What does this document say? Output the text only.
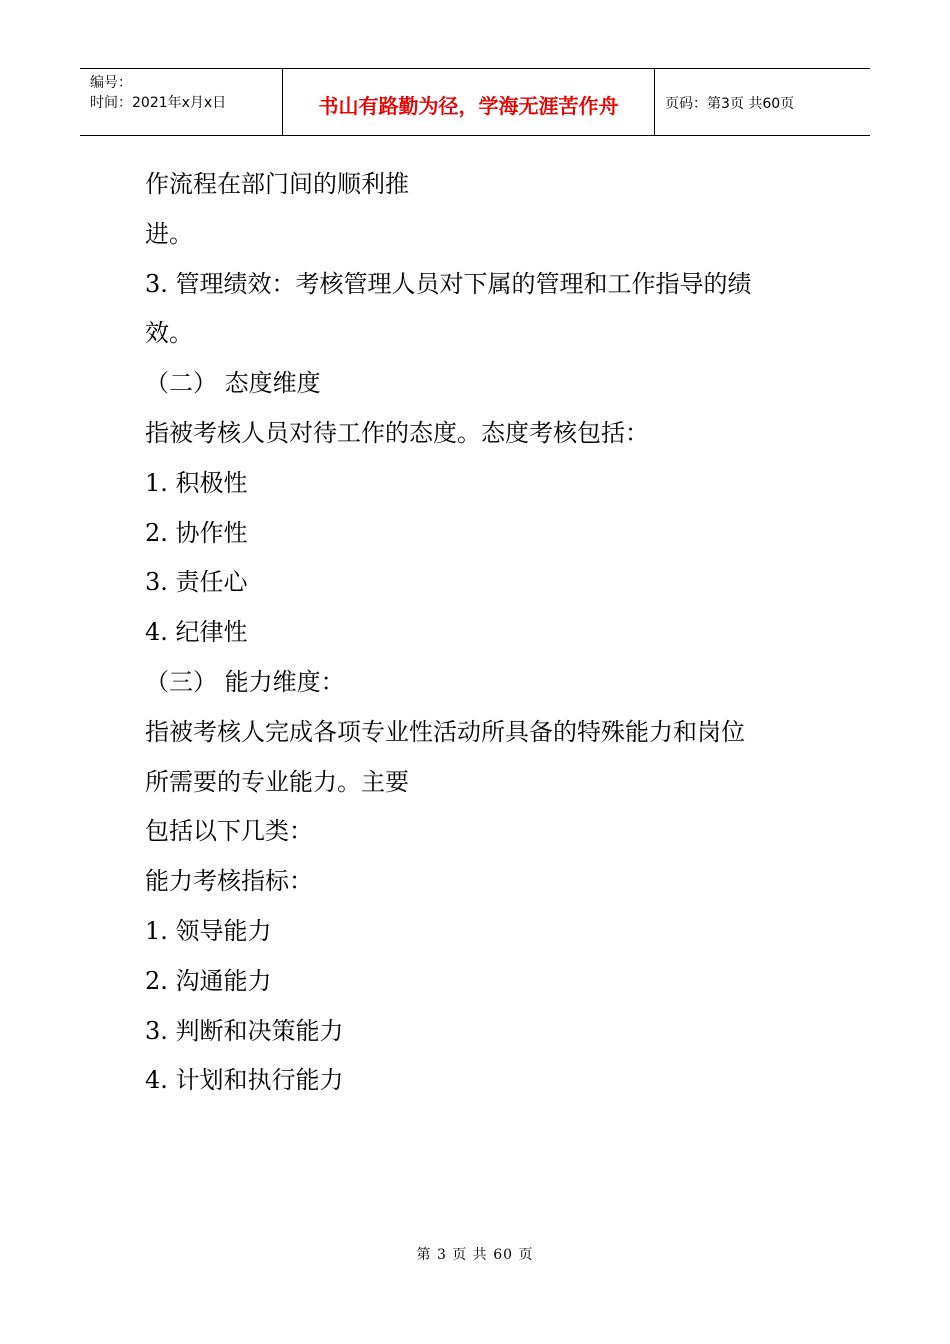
编号：
时间：2021年x月x日	书山有路勤为径，学海无涯苦作舟	页码：第3页 共60页
作流程在部门间的顺利推
进。
3. 管理绩效：考核管理人员对下属的管理和工作指导的绩
效。
（二） 态度维度
指被考核人员对待工作的态度。态度考核包括：
1. 积极性
2. 协作性
3. 责任心
4. 纪律性
（三） 能力维度：
指被考核人完成各项专业性活动所具备的特殊能力和岗位
所需要的专业能力。主要
包括以下几类：
能力考核指标：
1. 领导能力
2. 沟通能力
3. 判断和决策能力
4. 计划和执行能力
第 3 页 共 60 页
